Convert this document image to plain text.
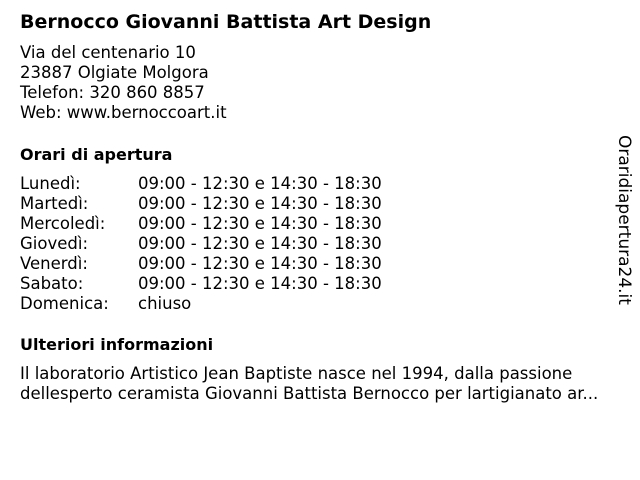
Bernocco Giovanni Battista Art Design
Via del centenario 10
23887 Olgiate Molgora
Telefon: 320 860 8857
Web: www.bernoccoart.it
Orari di apertura
Lunedì:	09:00 - 12:30 e 14:30 - 18:30
Martedì:	09:00 - 12:30 e 14:30 - 18:30
Mercoledì: 09:00 - 12:30 e 14:30 - 18:30
Giovedì:	09:00 - 12:30 e 14:30 - 18:30
Venerdì:	09:00 - 12:30 e 14:30 - 18:30
Sabato:	09:00 - 12:30 e 14:30 - 18:30
Domenica: chiuso
Ulteriori informazioni
Il laboratorio Artistico Jean Baptiste nasce nel 1994, dalla passione
dellesperto ceramista Giovanni Battista Bernocco per lartigianato ar...
Oraridiapertura24.it
